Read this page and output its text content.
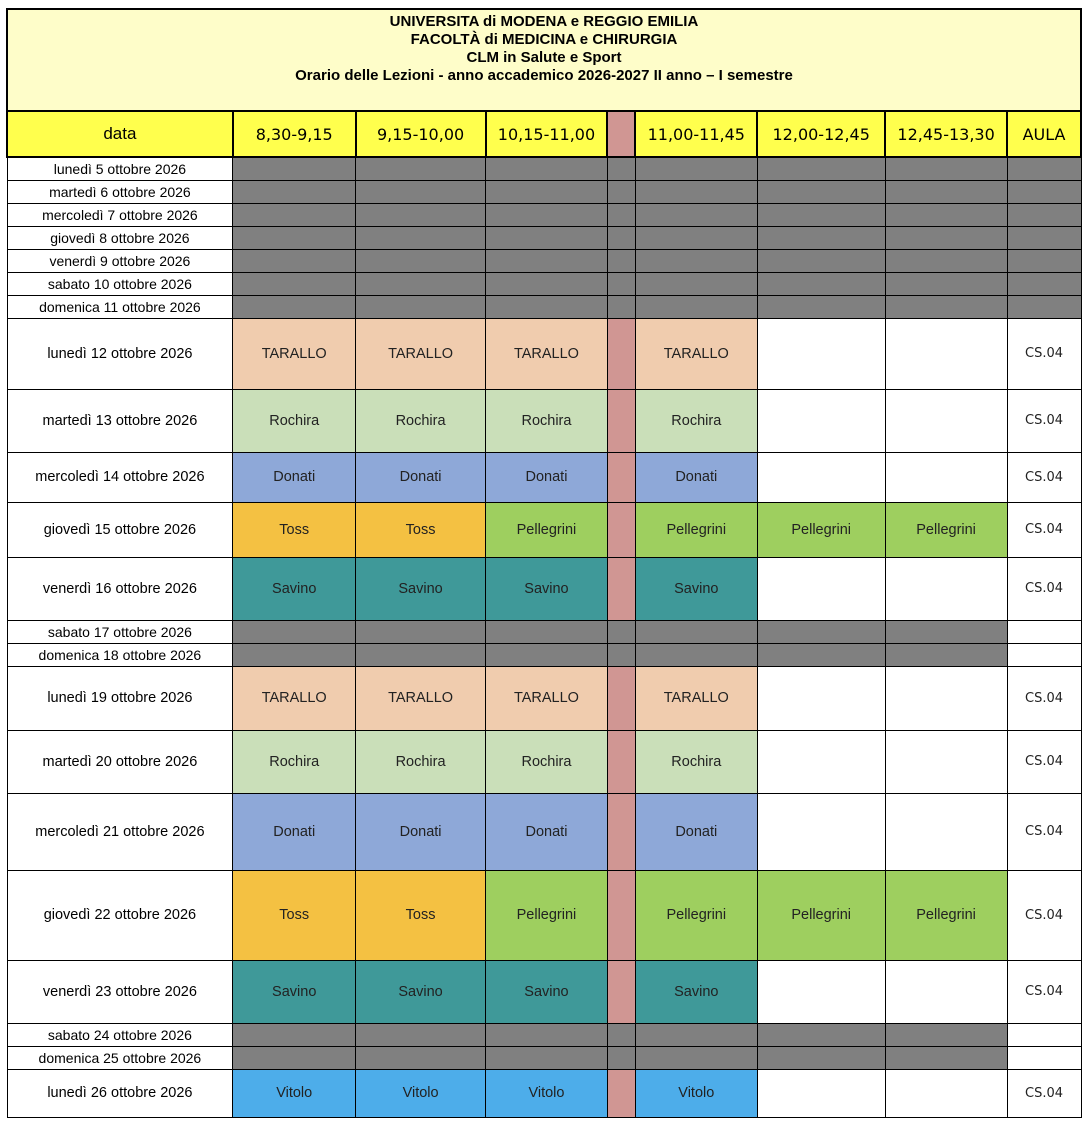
UNIVERSITA di MODENA e REGGIO EMILIA
FACOLTÀ di MEDICINA e CHIRURGIA
CLM in Salute e Sport
Orario delle Lezioni - anno accademico 2026-2027 II anno – I semestre
data	8,30-9,15	9,15-10,00	10,15-11,00		11,00-11,45	12,00-12,45	12,45-13,30	AULA
lunedì 5 ottobre 2026								
martedì 6 ottobre 2026								
mercoledì 7 ottobre 2026								
giovedì 8 ottobre 2026								
venerdì 9 ottobre 2026								
sabato 10 ottobre 2026								
domenica 11 ottobre 2026								
lunedì 12 ottobre 2026	TARALLO	TARALLO	TARALLO		TARALLO			CS.04
martedì 13 ottobre 2026	Rochira	Rochira	Rochira		Rochira			CS.04
mercoledì 14 ottobre 2026	Donati	Donati	Donati		Donati			CS.04
giovedì 15 ottobre 2026	Toss	Toss	Pellegrini		Pellegrini	Pellegrini	Pellegrini	CS.04
venerdì 16 ottobre 2026	Savino	Savino	Savino		Savino			CS.04
sabato 17 ottobre 2026								
domenica 18 ottobre 2026								
lunedì 19 ottobre 2026	TARALLO	TARALLO	TARALLO		TARALLO			CS.04
martedì 20 ottobre 2026	Rochira	Rochira	Rochira		Rochira			CS.04
mercoledì 21 ottobre 2026	Donati	Donati	Donati		Donati			CS.04
giovedì 22 ottobre 2026	Toss	Toss	Pellegrini		Pellegrini	Pellegrini	Pellegrini	CS.04
venerdì 23 ottobre 2026	Savino	Savino	Savino		Savino			CS.04
sabato 24 ottobre 2026								
domenica 25 ottobre 2026								
lunedì 26 ottobre 2026	Vitolo	Vitolo	Vitolo		Vitolo			CS.04
